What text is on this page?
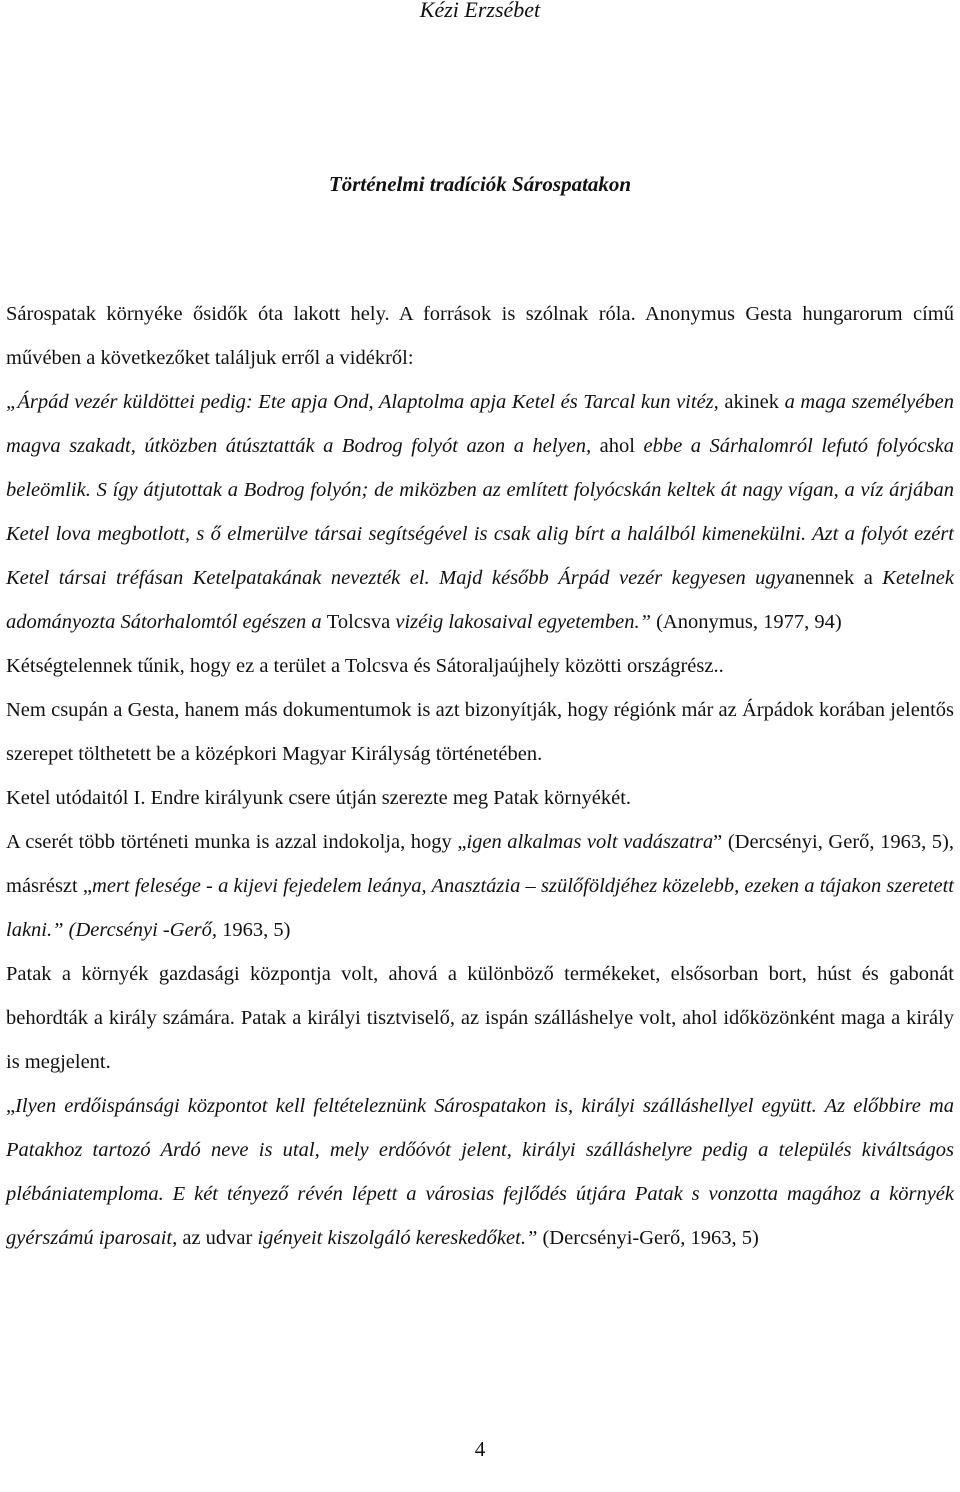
Kézi Erzsébet
Történelmi tradíciók Sárospatakon

Sárospatak környéke ősidők óta lakott hely. A források is szólnak róla. Anonymus Gesta hungarorum című művében a következőket találjuk erről a vidékről:

„Árpád vezér küldöttei pedig: Ete apja Ond, Alaptolma apja Ketel és Tarcal kun vitéz, akinek a maga személyében magva szakadt, útközben átúsztatták a Bodrog folyót azon a helyen, ahol ebbe a Sárhalomról lefutó folyócska beleömlik. S így átjutottak a Bodrog folyón; de miközben az említett folyócskán keltek át nagy vígan, a víz árjában Ketel lova megbotlott, s ő elmerülve társai segítségével is csak alig bírt a halálból kimenekülni. Azt a folyót ezért Ketel társai tréfásan Ketelpatakának nevezték el. Majd később Árpád vezér kegyesen ugyanennek a Ketelnek adományozta Sátorhalomtól egészen a Tolcsva vizéig lakosaival egyetemben.” (Anonymus, 1977, 94)

Kétségtelennek tűnik, hogy ez a terület a Tolcsva és Sátoraljaújhely közötti országrész..

Nem csupán a Gesta, hanem más dokumentumok is azt bizonyítják, hogy régiónk már az Árpádok korában jelentős szerepet tölthetett be a középkori Magyar Királyság történetében.

Ketel utódaitól I. Endre királyunk csere útján szerezte meg Patak környékét.

A cserét több történeti munka is azzal indokolja, hogy „igen alkalmas volt vadászatra” (Dercsényi, Gerő, 1963, 5), másrészt „mert felesége - a kijevi fejedelem leánya, Anasztázia – szülőföldjéhez közelebb, ezeken a tájakon szeretett lakni.” (Dercsényi -Gerő, 1963, 5)

Patak a környék gazdasági központja volt, ahová a különböző termékeket, elsősorban bort, húst és gabonát behordták a király számára. Patak a királyi tisztviselő, az ispán szálláshelye volt, ahol időközönként maga a király is megjelent.

„Ilyen erdőispánsági központot kell feltételeznünk Sárospatakon is, királyi szálláshellyel együtt. Az előbbire ma Patakhoz tartozó Ardó neve is utal, mely erdőóvót jelent, királyi szálláshelyre pedig a település kiváltságos plébániatemploma. E két tényező révén lépett a városias fejlődés útjára Patak s vonzotta magához a környék gyérszámú iparosait, az udvar igényeit kiszolgáló kereskedőket.” (Dercsényi-Gerő, 1963, 5)

4
